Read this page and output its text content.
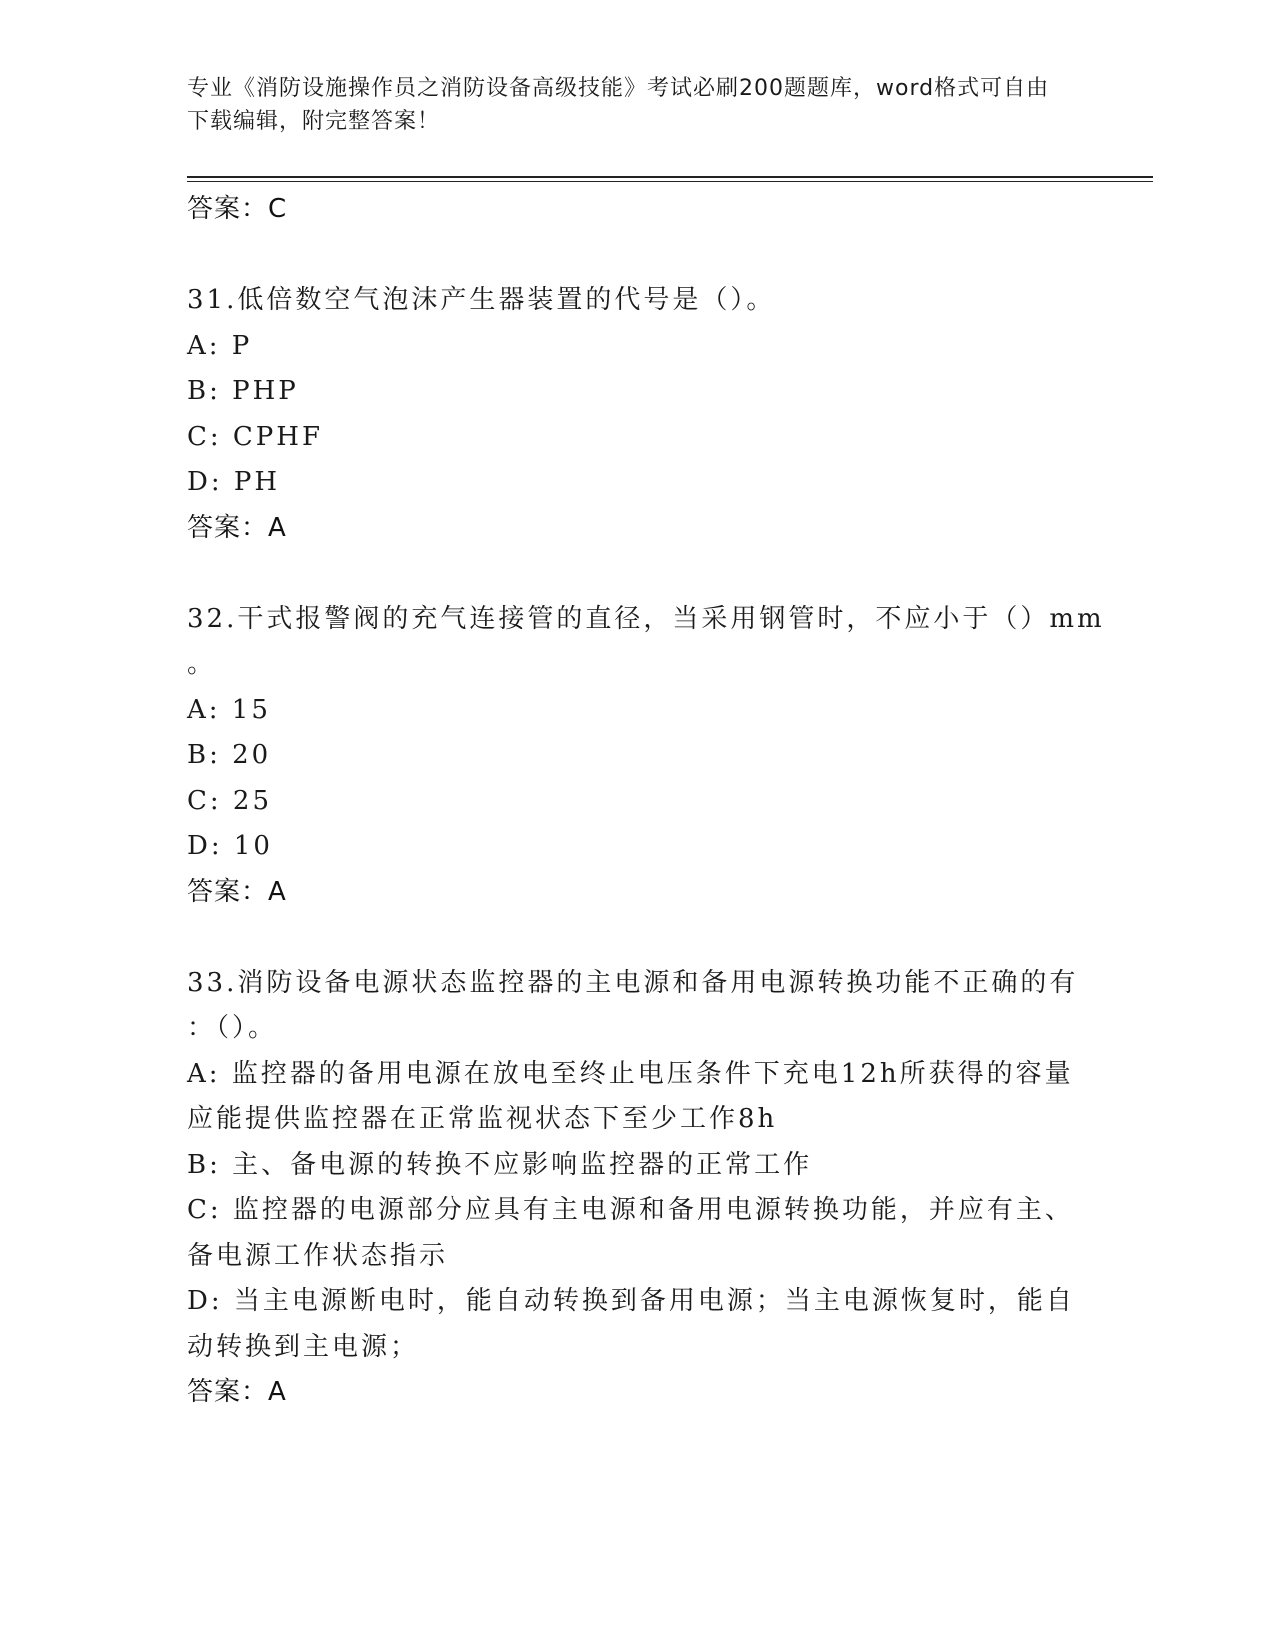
专业《消防设施操作员之消防设备高级技能》考试必刷200题题库，word格式可自由下载编辑，附完整答案！
答案：C
31.低倍数空气泡沫产生器装置的代号是（）。
A: P
B: PHP
C: CPHF
D: PH
答案：A
32.干式报警阀的充气连接管的直径，当采用钢管时，不应小于（）mm
。
A: 15
B: 20
C: 25
D: 10
答案：A
33.消防设备电源状态监控器的主电源和备用电源转换功能不正确的有
：（）。
A: 监控器的备用电源在放电至终止电压条件下充电12h所获得的容量
应能提供监控器在正常监视状态下至少工作8h
B: 主、备电源的转换不应影响监控器的正常工作
C: 监控器的电源部分应具有主电源和备用电源转换功能，并应有主、
备电源工作状态指示
D: 当主电源断电时，能自动转换到备用电源；当主电源恢复时，能自
动转换到主电源；
答案：A
